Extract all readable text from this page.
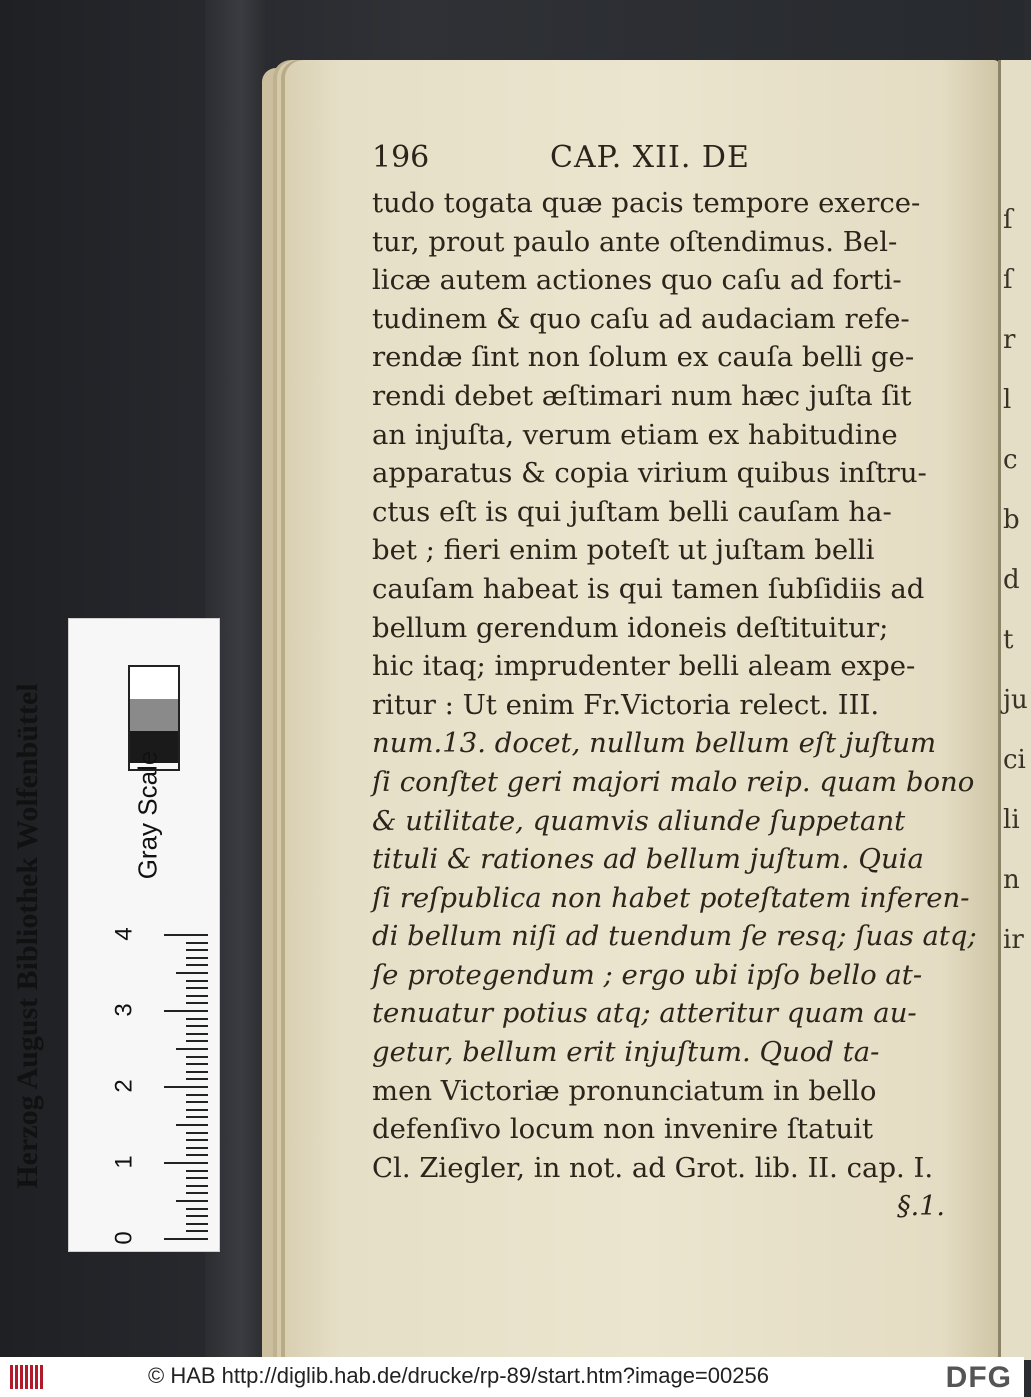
ſ
ſ
r
l
c
b
d
t
ju
ci
li
n
ir
196	CAP. XII. DE
tudo togata quæ pacis tempore exerce-
tur, prout paulo ante oſtendimus. Bel-
licæ autem actiones quo caſu ad forti-
tudinem & quo caſu ad audaciam refe-
rendæ ſint non ſolum ex cauſa belli ge-
rendi debet æſtimari num hæc juſta ſit
an injuſta, verum etiam ex habitudine
apparatus & copia virium quibus inſtru-
ctus eſt is qui juſtam belli cauſam ha-
bet ; fieri enim poteſt ut juſtam belli
cauſam habeat is qui tamen ſubſidiis ad
bellum gerendum idoneis deſtituitur;
hic itaq; imprudenter belli aleam expe-
ritur : Ut enim Fr.Victoria relect. III.
num.13. docet, nullum bellum eſt juſtum
ſi conſtet geri majori malo reip. quam bono
& utilitate, quamvis aliunde ſuppetant
tituli & rationes ad bellum juſtum. Quia
ſi reſpublica non habet poteſtatem inferen-
di bellum niſi ad tuendum ſe resq; ſuas atq;
ſe protegendum ; ergo ubi ipſo bello at-
tenuatur potius atq; atteritur quam au-
getur, bellum erit injuſtum. Quod ta-
men Victoriæ pronunciatum in bello
defenſivo locum non invenire ſtatuit
Cl. Ziegler, in not. ad Grot. lib. II. cap. I.
§.1.
Herzog August Bibliothek Wolfenbüttel	Gray Scale
0
1
2
3
4
© HAB http://diglib.hab.de/drucke/rp-89/start.htm?image=00256	DFG
